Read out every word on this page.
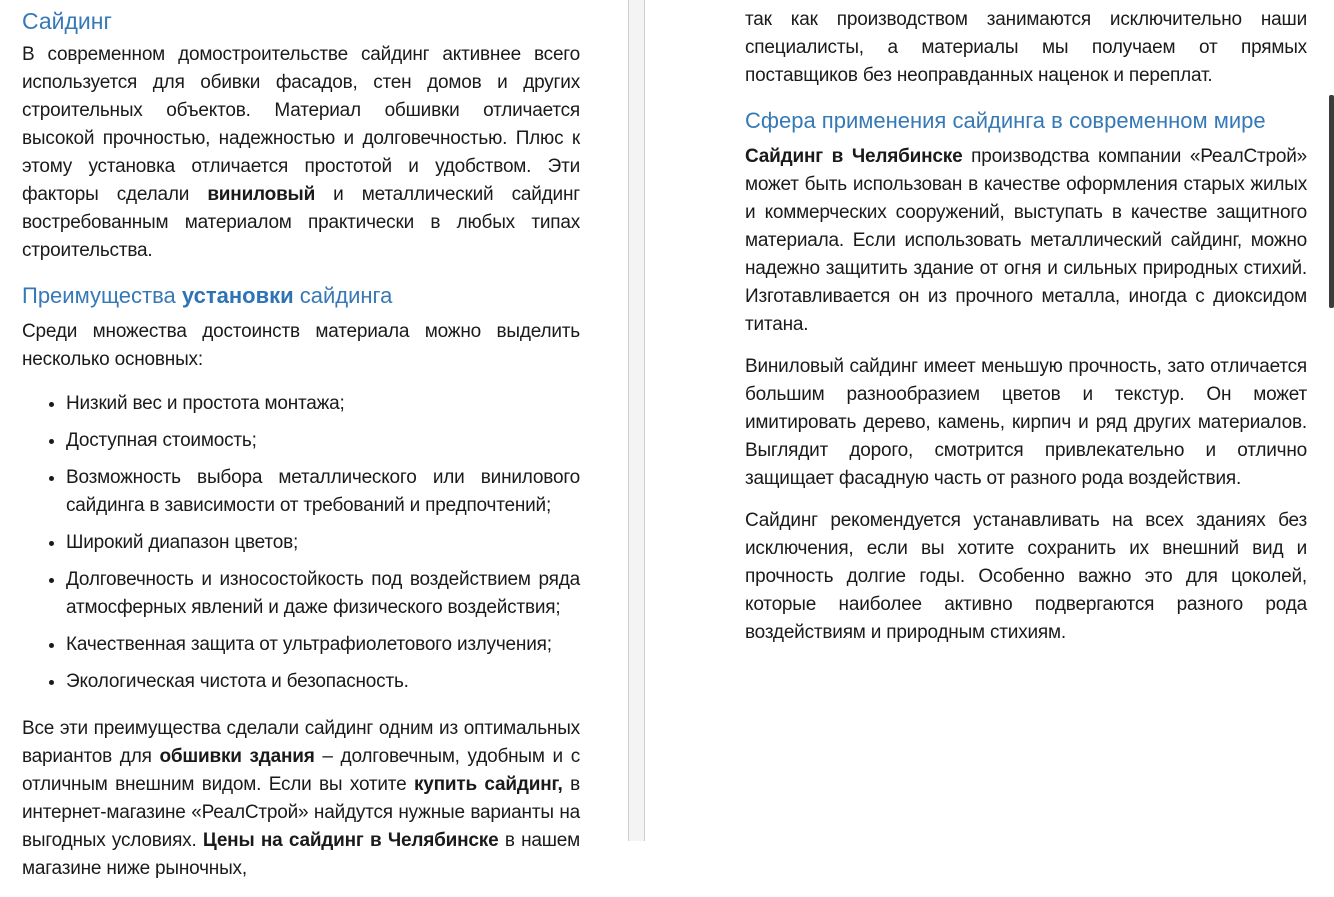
Сайдинг

В современном домостроительстве сайдинг активнее всего используется для обивки фасадов, стен домов и других строительных объектов. Материал обшивки отличается высокой прочностью, надежностью и долговечностью. Плюс к этому установка отличается простотой и удобством. Эти факторы сделали виниловый и металлический сайдинг востребованным материалом практически в любых типах строительства.

Преимущества установки сайдинга

Среди множества достоинств материала можно выделить несколько основных:

• Низкий вес и простота монтажа;
• Доступная стоимость;
• Возможность выбора металлического или винилового сайдинга в зависимости от требований и предпочтений;
• Широкий диапазон цветов;
• Долговечность и износостойкость под воздействием ряда атмосферных явлений и даже физического воздействия;
• Качественная защита от ультрафиолетового излучения;
• Экологическая чистота и безопасность.

Все эти преимущества сделали сайдинг одним из оптимальных вариантов для обшивки здания – долговечным, удобным и с отличным внешним видом. Если вы хотите купить сайдинг, в интернет-магазине «РеалСтрой» найдутся нужные варианты на выгодных условиях. Цены на сайдинг в Челябинске в нашем магазине ниже рыночных,

так как производством занимаются исключительно наши специалисты, а материалы мы получаем от прямых поставщиков без неоправданных наценок и переплат.

Сфера применения сайдинга в современном мире

Сайдинг в Челябинске производства компании «РеалСтрой» может быть использован в качестве оформления старых жилых и коммерческих сооружений, выступать в качестве защитного материала. Если использовать металлический сайдинг, можно надежно защитить здание от огня и сильных природных стихий. Изготавливается он из прочного металла, иногда с диоксидом титана.

Виниловый сайдинг имеет меньшую прочность, зато отличается большим разнообразием цветов и текстур. Он может имитировать дерево, камень, кирпич и ряд других материалов. Выглядит дорого, смотрится привлекательно и отлично защищает фасадную часть от разного рода воздействия.

Сайдинг рекомендуется устанавливать на всех зданиях без исключения, если вы хотите сохранить их внешний вид и прочность долгие годы. Особенно важно это для цоколей, которые наиболее активно подвергаются разного рода воздействиям и природным стихиям.
